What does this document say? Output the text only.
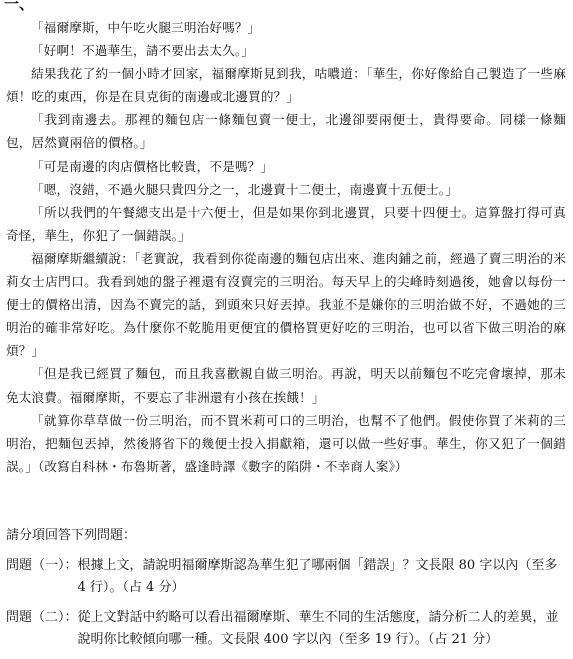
一、

「福爾摩斯，中午吃火腿三明治好嗎？」

「好啊！不過華生，請不要出去太久。」

結果我花了約一個小時才回家，福爾摩斯見到我，咕噥道：「華生，你好像給自己製造了一些麻煩！吃的東西，你是在貝克街的南邊或北邊買的？」

「我到南邊去。那裡的麵包店一條麵包賣一便士，北邊卻要兩便士，貴得要命。同樣一條麵包，居然賣兩倍的價格。」

「可是南邊的肉店價格比較貴，不是嗎？」

「嗯，沒錯，不過火腿只貴四分之一，北邊賣十二便士，南邊賣十五便士。」

「所以我們的午餐總支出是十六便士，但是如果你到北邊買，只要十四便士。這算盤打得可真奇怪，華生，你犯了一個錯誤。」

福爾摩斯繼續說：「老實說，我看到你從南邊的麵包店出來、進肉鋪之前，經過了賣三明治的米莉女士店門口。我看到她的盤子裡還有沒賣完的三明治。每天早上的尖峰時刻過後，她會以每份一便士的價格出清，因為不賣完的話，到頭來只好丟掉。我並不是嫌你的三明治做不好，不過她的三明治的確非常好吃。為什麼你不乾脆用更便宜的價格買更好吃的三明治，也可以省下做三明治的麻煩？」

「但是我已經買了麵包，而且我喜歡親自做三明治。再說，明天以前麵包不吃完會壞掉，那未免太浪費。福爾摩斯，不要忘了非洲還有小孩在挨餓！」

「就算你草草做一份三明治，而不買米莉可口的三明治，也幫不了他們。假使你買了米莉的三明治，把麵包丟掉，然後將省下的幾便士投入捐獻箱，還可以做一些好事。華生，你又犯了一個錯誤。」（改寫自科林・布魯斯著，盛逢時譯《數字的陷阱・不幸商人案》）

請分項回答下列問題：
問題（一）： 根據上文，請說明福爾摩斯認為華生犯了哪兩個「錯誤」？文長限 80 字以內（至多 4 行）。（占 4 分）
問題（二）： 從上文對話中約略可以看出福爾摩斯、華生不同的生活態度，請分析二人的差異，並說明你比較傾向哪一種。文長限 400 字以內（至多 19 行）。（占 21 分）
